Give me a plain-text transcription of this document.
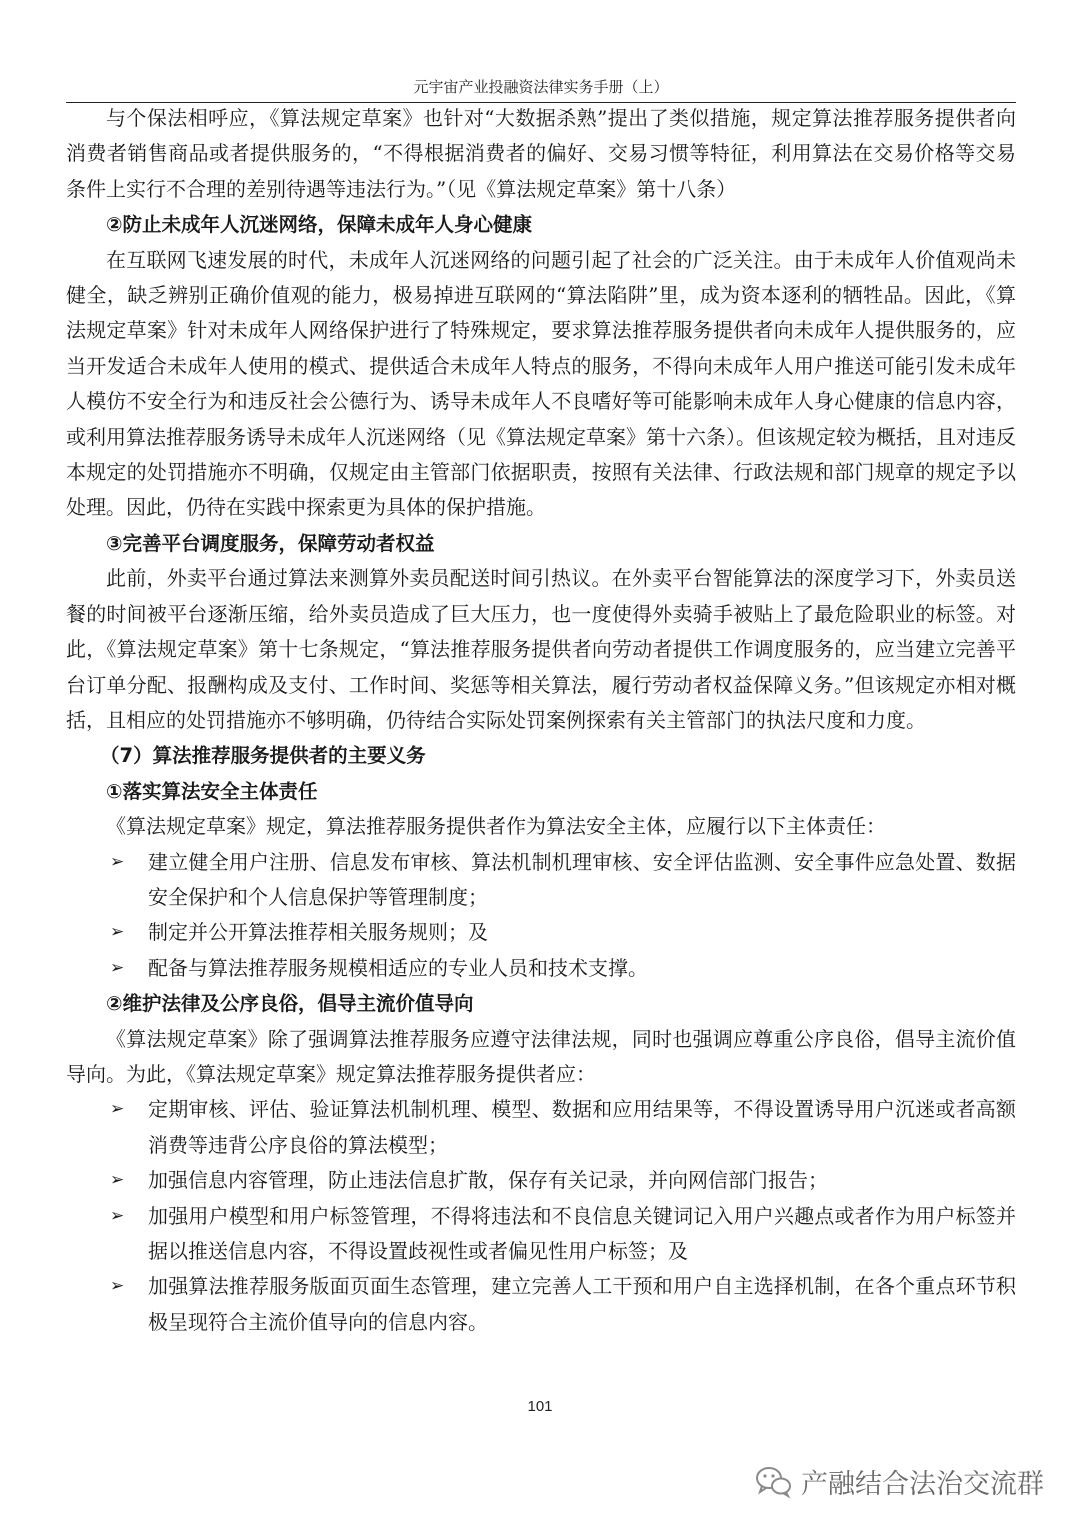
元宇宙产业投融资法律实务手册（上）

与个保法相呼应，《算法规定草案》也针对“大数据杀熟”提出了类似措施，规定算法推荐服务提供者向消费者销售商品或者提供服务的，“不得根据消费者的偏好、交易习惯等特征，利用算法在交易价格等交易条件上实行不合理的差别待遇等违法行为。”（见《算法规定草案》第十八条）

②防止未成年人沉迷网络，保障未成年人身心健康

在互联网飞速发展的时代，未成年人沉迷网络的问题引起了社会的广泛关注。由于未成年人价值观尚未健全，缺乏辨别正确价值观的能力，极易掉进互联网的“算法陷阱”里，成为资本逐利的牺牲品。因此，《算法规定草案》针对未成年人网络保护进行了特殊规定，要求算法推荐服务提供者向未成年人提供服务的，应当开发适合未成年人使用的模式、提供适合未成年人特点的服务，不得向未成年人用户推送可能引发未成年人模仿不安全行为和违反社会公德行为、诱导未成年人不良嗜好等可能影响未成年人身心健康的信息内容，或利用算法推荐服务诱导未成年人沉迷网络（见《算法规定草案》第十六条）。但该规定较为概括，且对违反本规定的处罚措施亦不明确，仅规定由主管部门依据职责，按照有关法律、行政法规和部门规章的规定予以处理。因此，仍待在实践中探索更为具体的保护措施。

③完善平台调度服务，保障劳动者权益

此前，外卖平台通过算法来测算外卖员配送时间引热议。在外卖平台智能算法的深度学习下，外卖员送餐的时间被平台逐渐压缩，给外卖员造成了巨大压力，也一度使得外卖骑手被贴上了最危险职业的标签。对此，《算法规定草案》第十七条规定，“算法推荐服务提供者向劳动者提供工作调度服务的，应当建立完善平台订单分配、报酬构成及支付、工作时间、奖惩等相关算法，履行劳动者权益保障义务。”但该规定亦相对概括，且相应的处罚措施亦不够明确，仍待结合实际处罚案例探索有关主管部门的执法尺度和力度。

（7）算法推荐服务提供者的主要义务

①落实算法安全主体责任

《算法规定草案》规定，算法推荐服务提供者作为算法安全主体，应履行以下主体责任：

➢ 建立健全用户注册、信息发布审核、算法机制机理审核、安全评估监测、安全事件应急处置、数据安全保护和个人信息保护等管理制度；
➢ 制定并公开算法推荐相关服务规则；及
➢ 配备与算法推荐服务规模相适应的专业人员和技术支撑。

②维护法律及公序良俗，倡导主流价值导向

《算法规定草案》除了强调算法推荐服务应遵守法律法规，同时也强调应尊重公序良俗，倡导主流价值导向。为此，《算法规定草案》规定算法推荐服务提供者应：

➢ 定期审核、评估、验证算法机制机理、模型、数据和应用结果等，不得设置诱导用户沉迷或者高额消费等违背公序良俗的算法模型；
➢ 加强信息内容管理，防止违法信息扩散，保存有关记录，并向网信部门报告；
➢ 加强用户模型和用户标签管理，不得将违法和不良信息关键词记入用户兴趣点或者作为用户标签并据以推送信息内容，不得设置歧视性或者偏见性用户标签；及
➢ 加强算法推荐服务版面页面生态管理，建立完善人工干预和用户自主选择机制，在各个重点环节积极呈现符合主流价值导向的信息内容。
101
产融结合法治交流群
